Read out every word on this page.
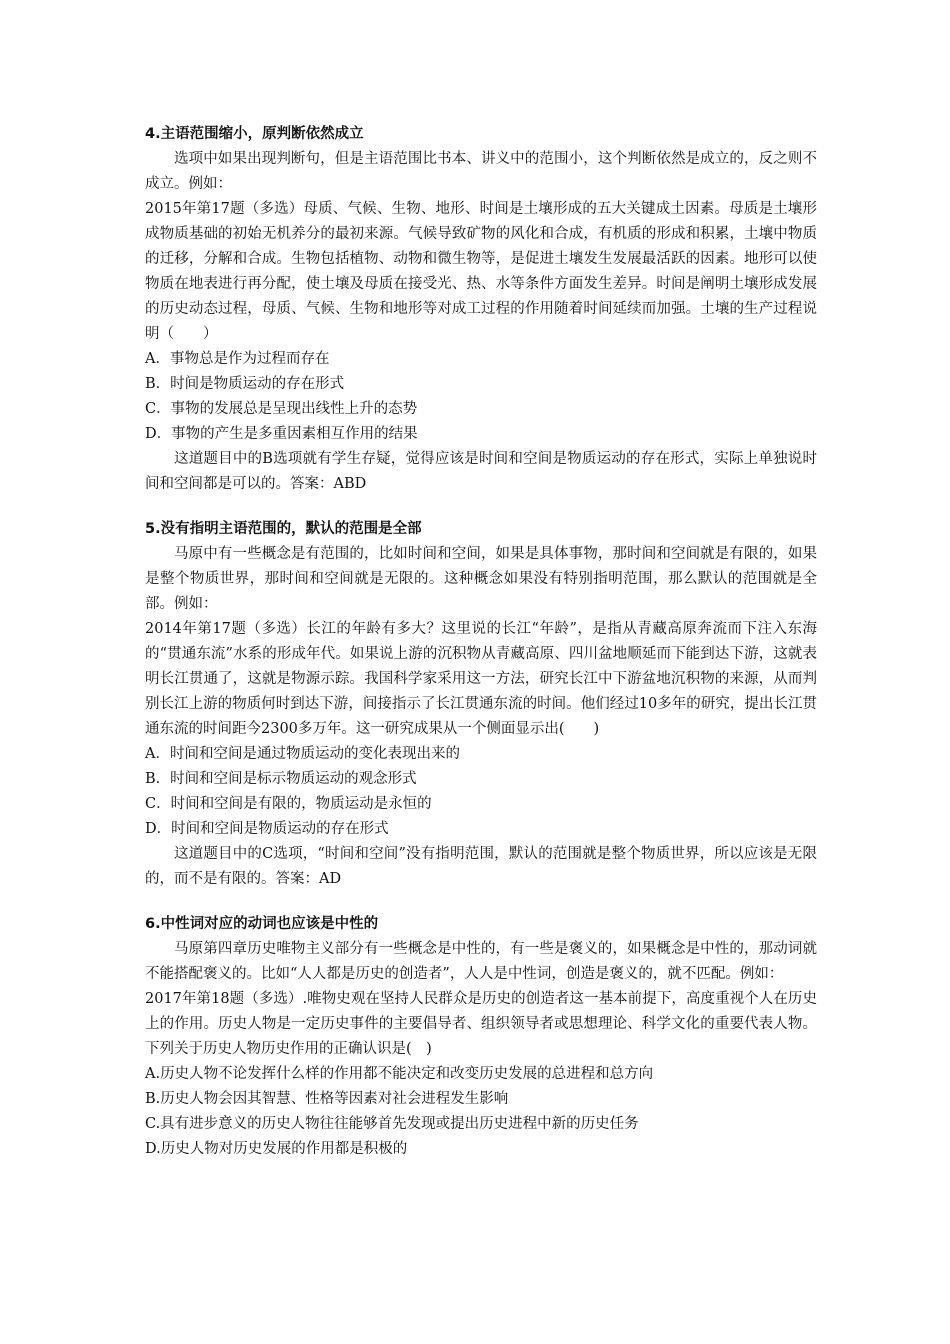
4.主语范围缩小，原判断依然成立

选项中如果出现判断句，但是主语范围比书本、讲义中的范围小，这个判断依然是成立的，反之则不成立。例如：

2015年第17题（多选）母质、气候、生物、地形、时间是土壤形成的五大关键成土因素。母质是土壤形成物质基础的初始无机养分的最初来源。气候导致矿物的风化和合成，有机质的形成和积累，土壤中物质的迁移，分解和合成。生物包括植物、动物和微生物等，是促进土壤发生发展最活跃的因素。地形可以使物质在地表进行再分配，使土壤及母质在接受光、热、水等条件方面发生差异。时间是阐明土壤形成发展的历史动态过程，母质、气候、生物和地形等对成工过程的作用随着时间延续而加强。土壤的生产过程说明（　　）

A．事物总是作为过程而存在

B．时间是物质运动的存在形式

C．事物的发展总是呈现出线性上升的态势

D．事物的产生是多重因素相互作用的结果

这道题目中的B选项就有学生存疑，觉得应该是时间和空间是物质运动的存在形式，实际上单独说时间和空间都是可以的。答案：ABD

5.没有指明主语范围的，默认的范围是全部

马原中有一些概念是有范围的，比如时间和空间，如果是具体事物，那时间和空间就是有限的，如果是整个物质世界，那时间和空间就是无限的。这种概念如果没有特别指明范围，那么默认的范围就是全部。例如：

2014年第17题（多选）长江的年龄有多大？这里说的长江“年龄”，是指从青藏高原奔流而下注入东海的“贯通东流”水系的形成年代。如果说上游的沉积物从青藏高原、四川盆地顺延而下能到达下游，这就表明长江贯通了，这就是物源示踪。我国科学家采用这一方法，研究长江中下游盆地沉积物的来源，从而判别长江上游的物质何时到达下游，间接指示了长江贯通东流的时间。他们经过10多年的研究，提出长江贯通东流的时间距今2300多万年。这一研究成果从一个侧面显示出(　　)

A．时间和空间是通过物质运动的变化表现出来的

B．时间和空间是标示物质运动的观念形式

C．时间和空间是有限的，物质运动是永恒的

D．时间和空间是物质运动的存在形式

这道题目中的C选项，“时间和空间”没有指明范围，默认的范围就是整个物质世界，所以应该是无限的，而不是有限的。答案：AD

6.中性词对应的动词也应该是中性的

马原第四章历史唯物主义部分有一些概念是中性的，有一些是褒义的，如果概念是中性的，那动词就不能搭配褒义的。比如“人人都是历史的创造者”，人人是中性词，创造是褒义的，就不匹配。例如：

2017年第18题（多选）.唯物史观在坚持人民群众是历史的创造者这一基本前提下，高度重视个人在历史上的作用。历史人物是一定历史事件的主要倡导者、组织领导者或思想理论、科学文化的重要代表人物。下列关于历史人物历史作用的正确认识是(　)

A.历史人物不论发挥什么样的作用都不能决定和改变历史发展的总进程和总方向

B.历史人物会因其智慧、性格等因素对社会进程发生影响

C.具有进步意义的历史人物往往能够首先发现或提出历史进程中新的历史任务

D.历史人物对历史发展的作用都是积极的
